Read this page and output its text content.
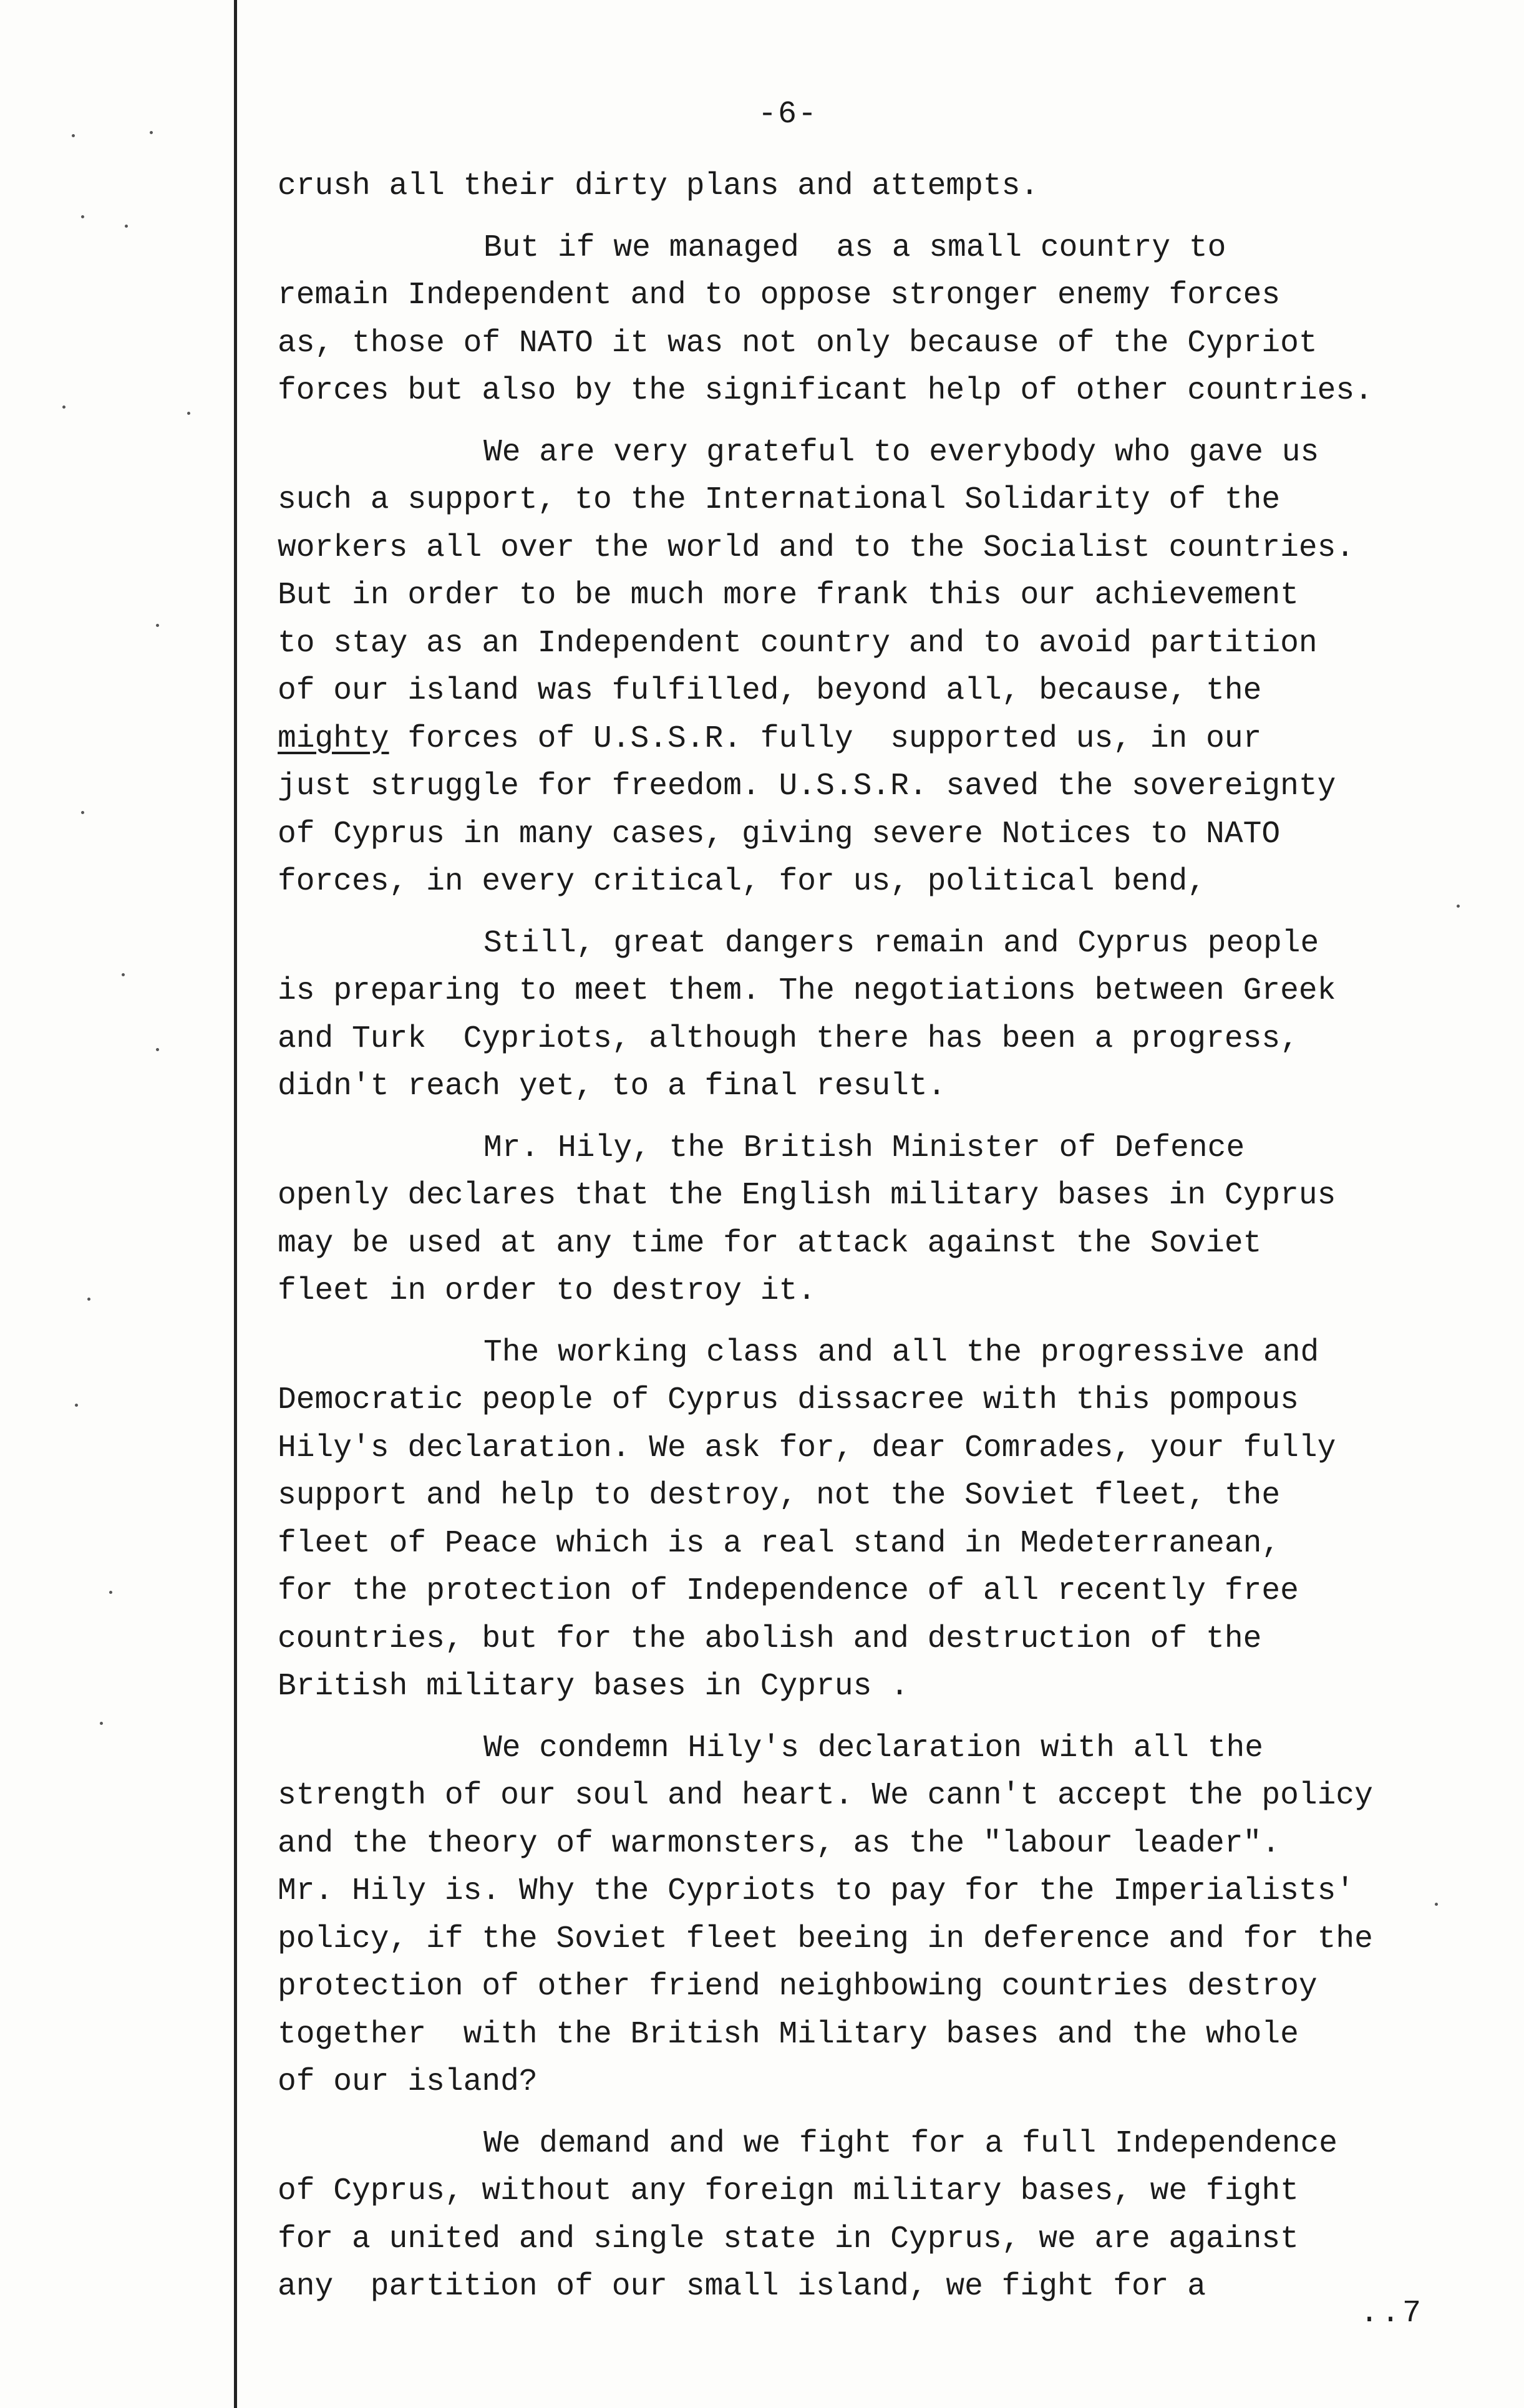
-6-
crush all their dirty plans and attempts.
But if we managed  as a small country to
remain Independent and to oppose stronger enemy forces
as, those of NATO it was not only because of the Cypriot
forces but also by the significant help of other countries.
We are very grateful to everybody who gave us
such a support, to the International Solidarity of the
workers all over the world and to the Socialist countries.
But in order to be much more frank this our achievement
to stay as an Independent country and to avoid partition
of our island was fulfilled, beyond all, because, the
mighty forces of U.S.S.R. fully  supported us, in our
just struggle for freedom. U.S.S.R. saved the sovereignty
of Cyprus in many cases, giving severe Notices to NATO
forces, in every critical, for us, political bend,
Still, great dangers remain and Cyprus people
is preparing to meet them. The negotiations between Greek
and Turk  Cypriots, although there has been a progress,
didn't reach yet, to a final result.
Mr. Hily, the British Minister of Defence
openly declares that the English military bases in Cyprus
may be used at any time for attack against the Soviet
fleet in order to destroy it.
The working class and all the progressive and
Democratic people of Cyprus dissacree with this pompous
Hily's declaration. We ask for, dear Comrades, your fully
support and help to destroy, not the Soviet fleet, the
fleet of Peace which is a real stand in Medeterranean,
for the protection of Independence of all recently free
countries, but for the abolish and destruction of the
British military bases in Cyprus .
We condemn Hily's declaration with all the
strength of our soul and heart. We cann't accept the policy
and the theory of warmonsters, as the "labour leader".
Mr. Hily is. Why the Cypriots to pay for the Imperialists'
policy, if the Soviet fleet beeing in deference and for the
protection of other friend neighbowing countries destroy
together  with the British Military bases and the whole
of our island?
We demand and we fight for a full Independence
of Cyprus, without any foreign military bases, we fight
for a united and single state in Cyprus, we are against
any  partition of our small island, we fight for a
..7
